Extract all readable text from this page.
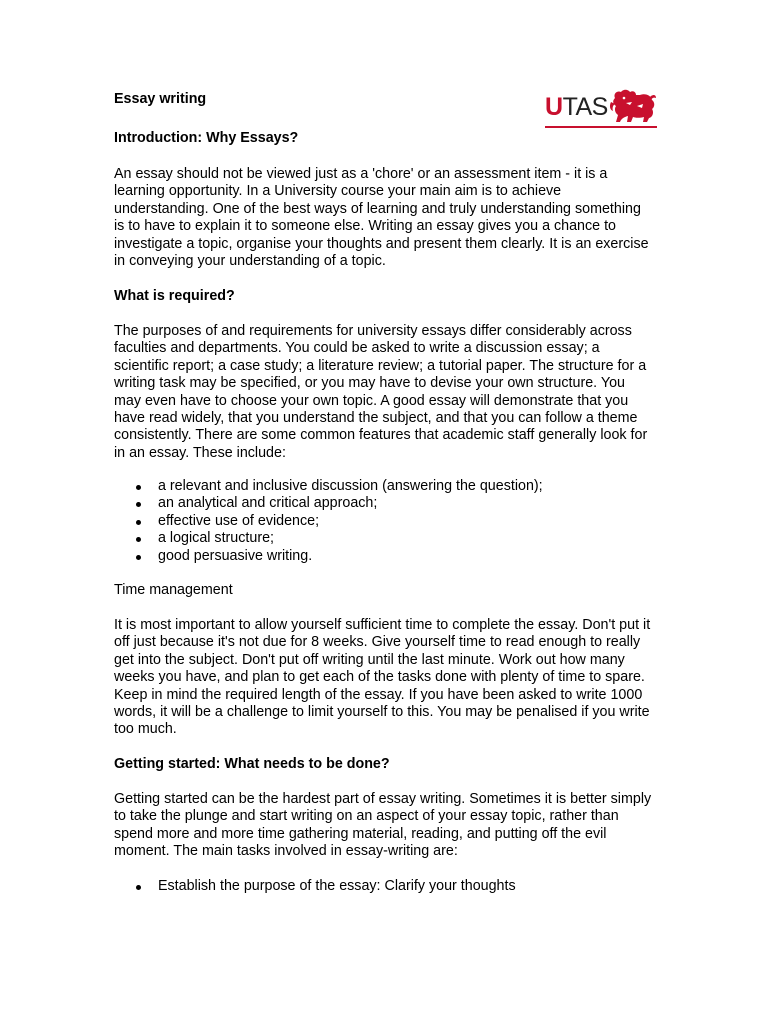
UTAS
Essay writing
Introduction: Why Essays?

An essay should not be viewed just as a 'chore' or an assessment item - it is a learning opportunity. In a University course your main aim is to achieve understanding. One of the best ways of learning and truly understanding something is to have to explain it to someone else. Writing an essay gives you a chance to investigate a topic, organise your thoughts and present them clearly. It is an exercise in conveying your understanding of a topic.

What is required?

The purposes of and requirements for university essays differ considerably across faculties and departments. You could be asked to write a discussion essay; a scientific report; a case study; a literature review; a tutorial paper. The structure for a writing task may be specified, or you may have to devise your own structure. You may even have to choose your own topic. A good essay will demonstrate that you have read widely, that you understand the subject, and that you can follow a theme consistently. There are some common features that academic staff generally look for in an essay. These include:

a relevant and inclusive discussion (answering the question);
an analytical and critical approach;
effective use of evidence;
a logical structure;
good persuasive writing.
Time management

It is most important to allow yourself sufficient time to complete the essay. Don't put it off just because it's not due for 8 weeks. Give yourself time to read enough to really get into the subject. Don't put off writing until the last minute. Work out how many weeks you have, and plan to get each of the tasks done with plenty of time to spare. Keep in mind the required length of the essay. If you have been asked to write 1000 words, it will be a challenge to limit yourself to this. You may be penalised if you write too much.

Getting started: What needs to be done?

Getting started can be the hardest part of essay writing. Sometimes it is better simply to take the plunge and start writing on an aspect of your essay topic, rather than spend more and more time gathering material, reading, and putting off the evil moment. The main tasks involved in essay-writing are:

Establish the purpose of the essay: Clarify your thoughts
